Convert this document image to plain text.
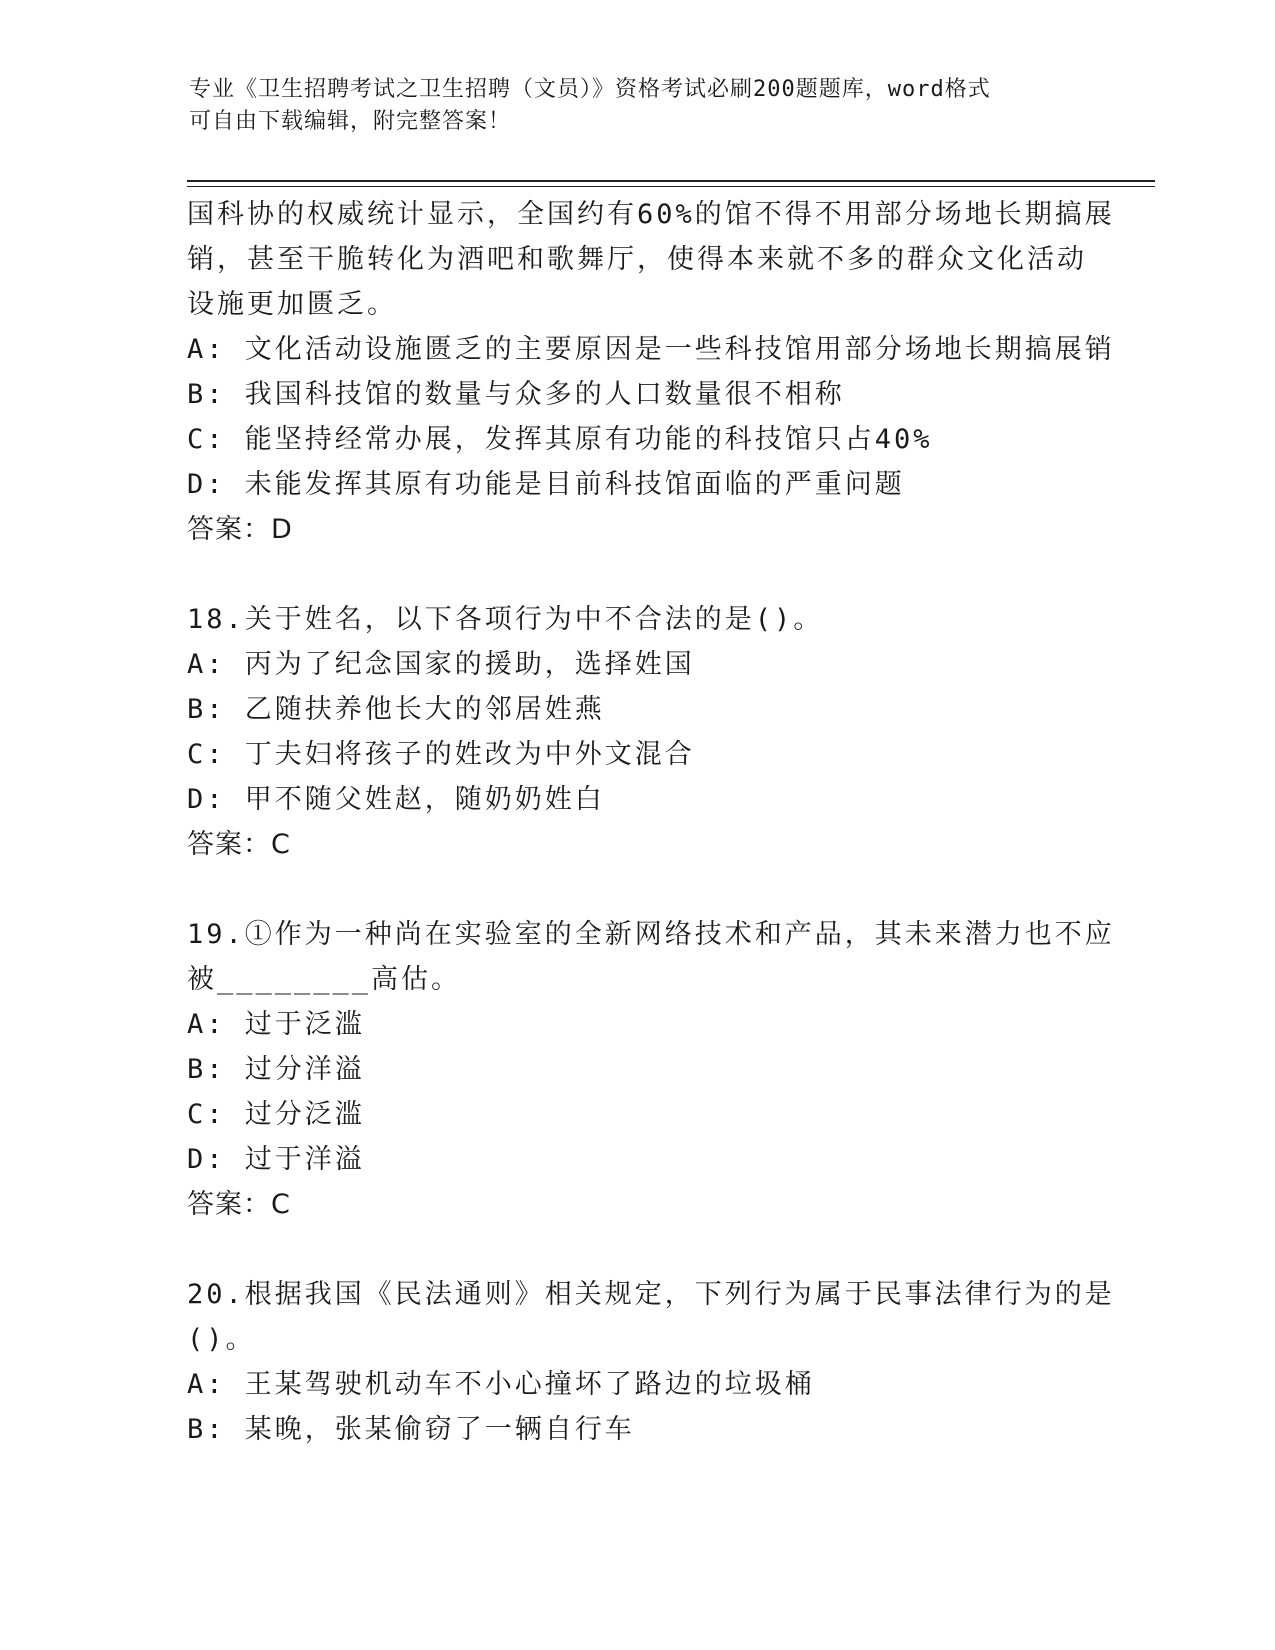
专业《卫生招聘考试之卫生招聘（文员）》资格考试必刷200题题库，word格式
可自由下载编辑，附完整答案！
国科协的权威统计显示，全国约有60%的馆不得不用部分场地长期搞展
销，甚至干脆转化为酒吧和歌舞厅，使得本来就不多的群众文化活动
设施更加匮乏。
A: 文化活动设施匮乏的主要原因是一些科技馆用部分场地长期搞展销
B: 我国科技馆的数量与众多的人口数量很不相称
C: 能坚持经常办展，发挥其原有功能的科技馆只占40%
D: 未能发挥其原有功能是目前科技馆面临的严重问题
答案：D
18.关于姓名，以下各项行为中不合法的是()。
A: 丙为了纪念国家的援助，选择姓国
B: 乙随扶养他长大的邻居姓燕
C: 丁夫妇将孩子的姓改为中外文混合
D: 甲不随父姓赵，随奶奶姓白
答案：C
19.①作为一种尚在实验室的全新网络技术和产品，其未来潜力也不应
被________高估。
A: 过于泛滥
B: 过分洋溢
C: 过分泛滥
D: 过于洋溢
答案：C
20.根据我国《民法通则》相关规定，下列行为属于民事法律行为的是
()。
A: 王某驾驶机动车不小心撞坏了路边的垃圾桶
B: 某晚，张某偷窃了一辆自行车
